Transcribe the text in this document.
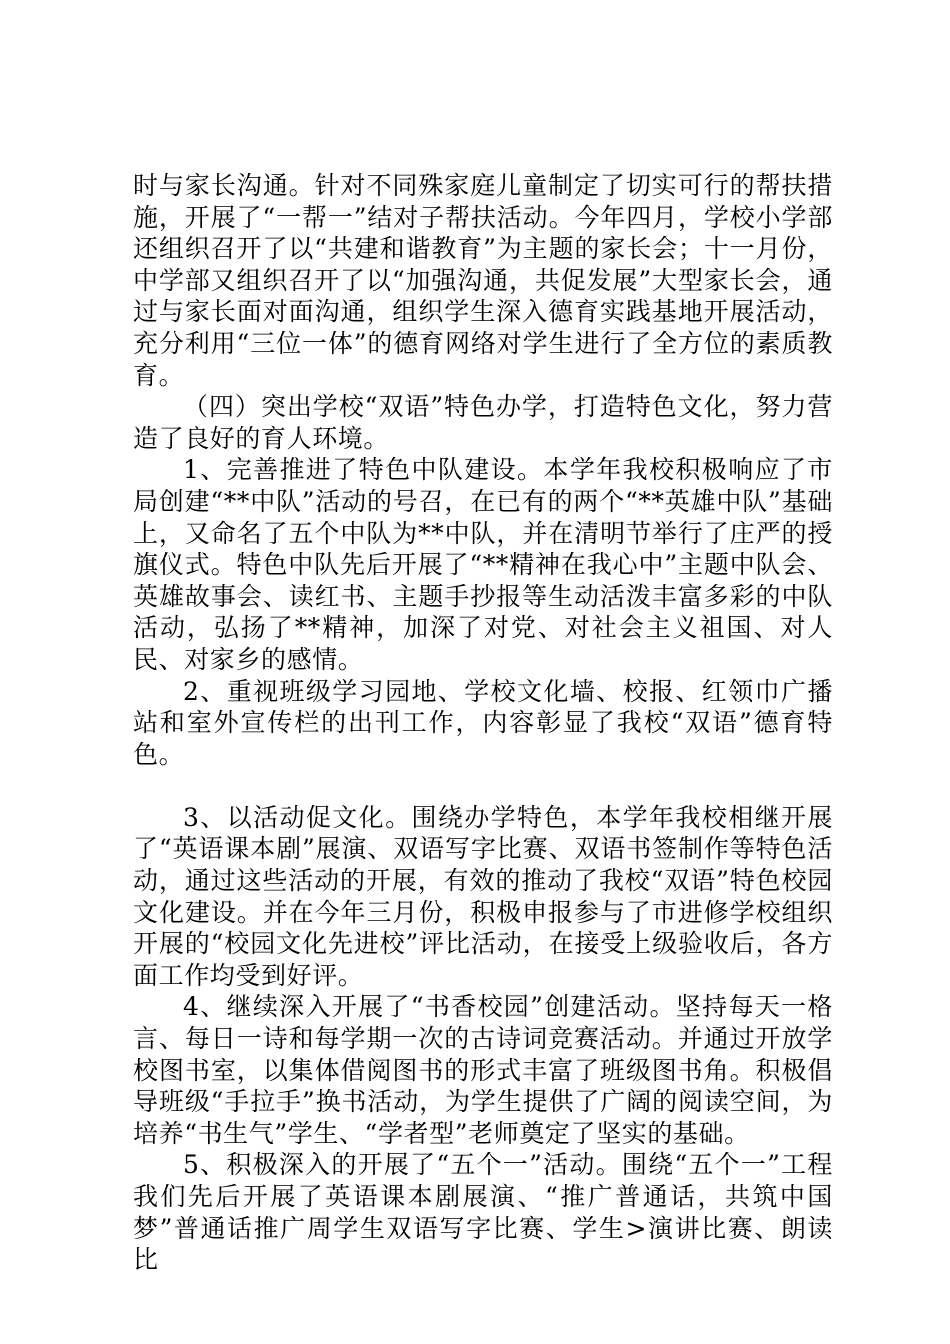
时与家长沟通。针对不同殊家庭儿童制定了切实可行的帮扶措施，开展了“一帮一”结对子帮扶活动。今年四月，学校小学部还组织召开了以“共建和谐教育”为主题的家长会；十一月份，中学部又组织召开了以“加强沟通，共促发展”大型家长会，通过与家长面对面沟通，组织学生深入德育实践基地开展活动，充分利用“三位一体”的德育网络对学生进行了全方位的素质教育。

（四）突出学校“双语”特色办学，打造特色文化，努力营造了良好的育人环境。

1、完善推进了特色中队建设。本学年我校积极响应了市局创建“**中队”活动的号召，在已有的两个“**英雄中队”基础上，又命名了五个中队为**中队，并在清明节举行了庄严的授旗仪式。特色中队先后开展了“**精神在我心中”主题中队会、英雄故事会、读红书、主题手抄报等生动活泼丰富多彩的中队活动，弘扬了**精神，加深了对党、对社会主义祖国、对人民、对家乡的感情。

2、重视班级学习园地、学校文化墙、校报、红领巾广播站和室外宣传栏的出刊工作，内容彰显了我校“双语”德育特色。

3、以活动促文化。围绕办学特色，本学年我校相继开展了“英语课本剧”展演、双语写字比赛、双语书签制作等特色活动，通过这些活动的开展，有效的推动了我校“双语”特色校园文化建设。并在今年三月份，积极申报参与了市进修学校组织开展的“校园文化先进校”评比活动，在接受上级验收后，各方面工作均受到好评。

4、继续深入开展了“书香校园”创建活动。坚持每天一格言、每日一诗和每学期一次的古诗词竞赛活动。并通过开放学校图书室，以集体借阅图书的形式丰富了班级图书角。积极倡导班级“手拉手”换书活动，为学生提供了广阔的阅读空间，为培养“书生气”学生、“学者型”老师奠定了坚实的基础。

5、积极深入的开展了“五个一”活动。围绕“五个一”工程我们先后开展了英语课本剧展演、“推广普通话，共筑中国梦”普通话推广周学生双语写字比赛、学生>演讲比赛、朗读比
